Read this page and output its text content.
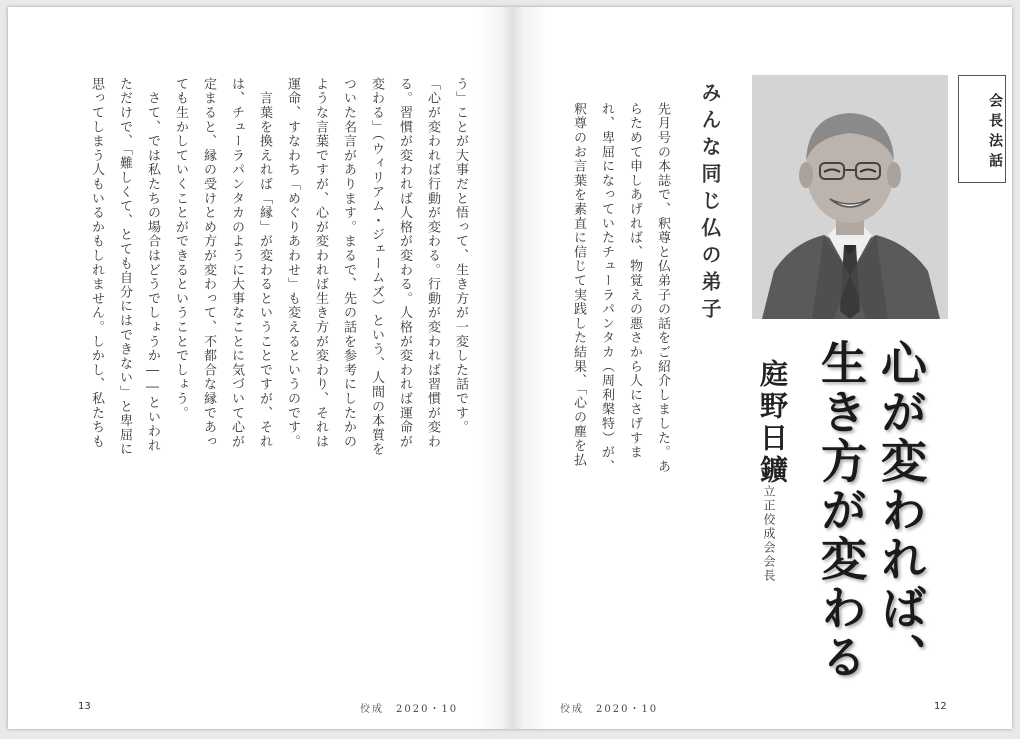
う」ことが大事だと悟って、生き方が一変した話です。
「心が変われば行動が変わる。行動が変われば習慣が変わる。習慣が変われば人格が変わる。人格が変われば運命が変わる」（ウィリアム・ジェームズ）という、人間の本質をついた名言があります。まるで、先の話を参考にしたかのような言葉ですが、心が変われば生き方が変わり、それは運命、すなわち「めぐりあわせ」も変えるというのです。
　言葉を換えれば「縁」が変わるということですが、それは、チューラパンタカのように大事なことに気づいて心が定まると、縁の受けとめ方が変わって、不都合な縁であっても生かしていくことができるということでしょう。
　さて、では私たちの場合はどうでしょうか――といわれただけで、「難しくて、とても自分にはできない」と卑屈に思ってしまう人もいるかもしれません。しかし、私たちも
13	佼成　2020・10
会長法話
心が変われば、
生き方が変わる
庭野日鑛
立正佼成会会長
みんな同じ仏の弟子
先月号の本誌で、釈尊と仏弟子の話をご紹介しました。あらためて申しあげれば、物覚えの悪さから人にさげすまれ、卑屈になっていたチューラパンタカ（周利槃特）が、釈尊のお言葉を素直に信じて実践した結果、「心の塵を払
佼成　2020・10	12
